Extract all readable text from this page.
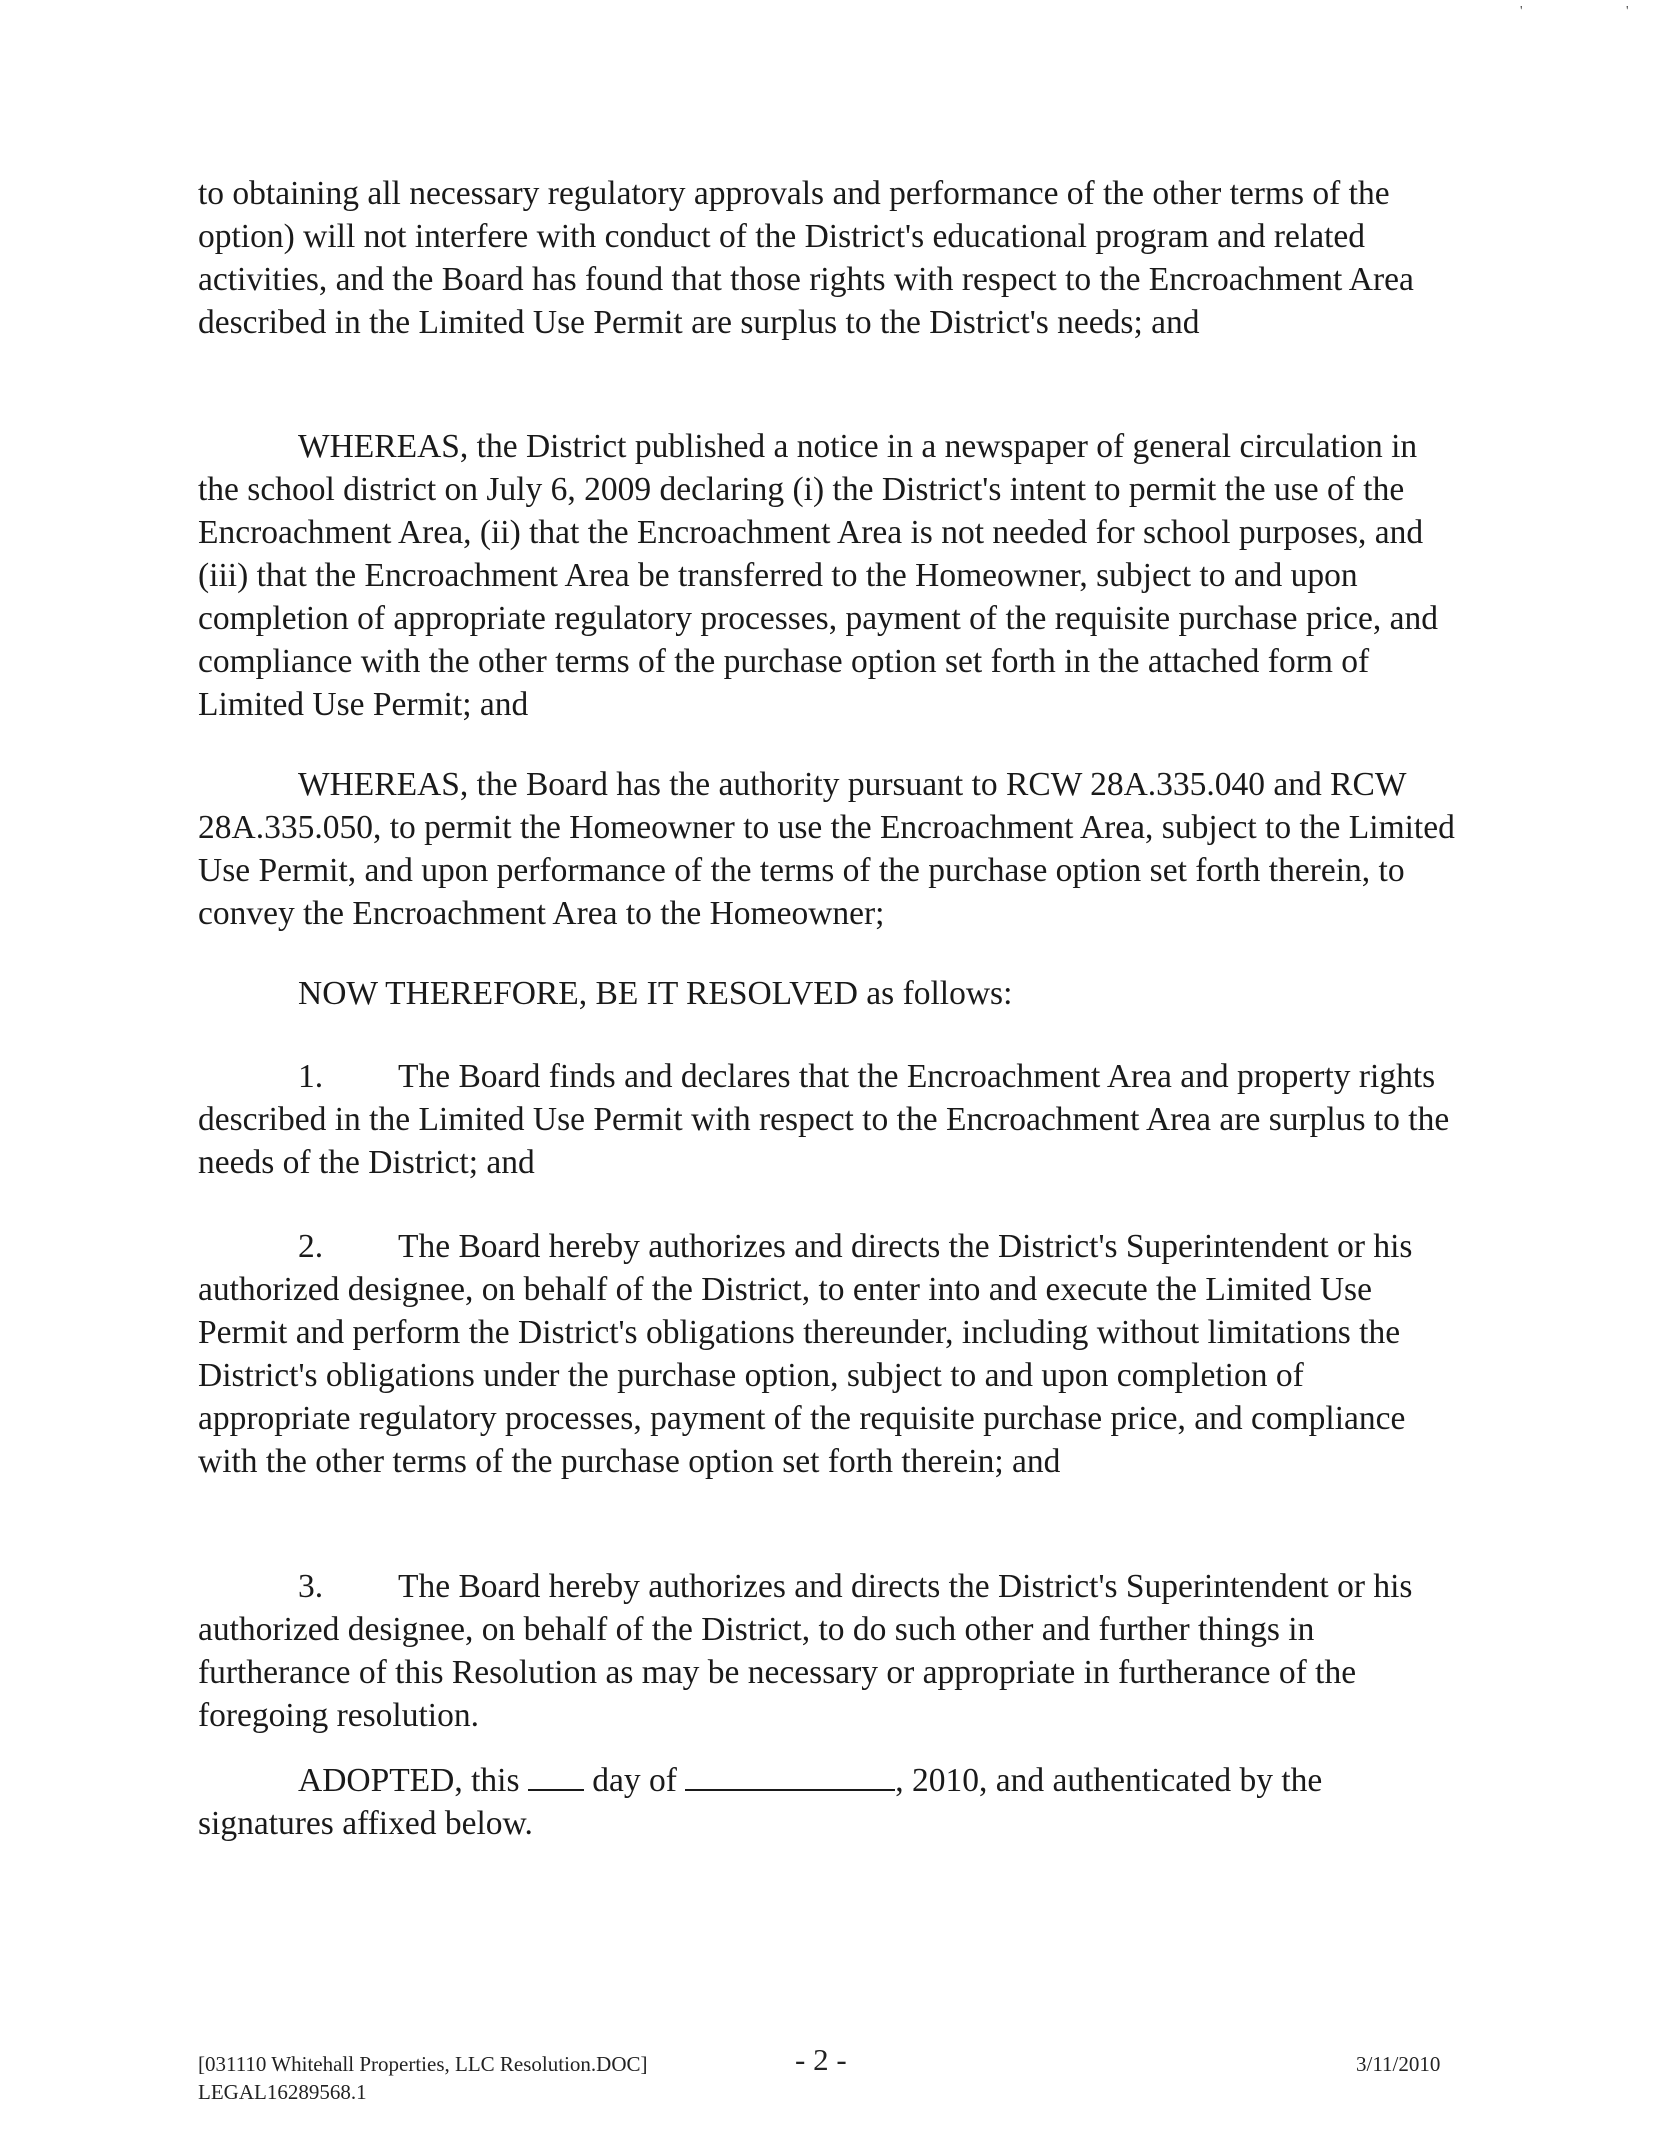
'	'

to obtaining all necessary regulatory approvals and performance of the other terms of the option) will not interfere with conduct of the District's educational program and related activities, and the Board has found that those rights with respect to the Encroachment Area described in the Limited Use Permit are surplus to the District's needs; and

WHEREAS, the District published a notice in a newspaper of general circulation in the school district on July 6, 2009 declaring (i) the District's intent to permit the use of the Encroachment Area, (ii) that the Encroachment Area is not needed for school purposes, and (iii) that the Encroachment Area be transferred to the Homeowner, subject to and upon completion of appropriate regulatory processes, payment of the requisite purchase price, and compliance with the other terms of the purchase option set forth in the attached form of Limited Use Permit; and

WHEREAS, the Board has the authority pursuant to RCW 28A.335.040 and RCW 28A.335.050, to permit the Homeowner to use the Encroachment Area, subject to the Limited Use Permit, and upon performance of the terms of the purchase option set forth therein, to convey the Encroachment Area to the Homeowner;

NOW THEREFORE, BE IT RESOLVED as follows:

1. The Board finds and declares that the Encroachment Area and property rights described in the Limited Use Permit with respect to the Encroachment Area are surplus to the needs of the District; and

2. The Board hereby authorizes and directs the District's Superintendent or his authorized designee, on behalf of the District, to enter into and execute the Limited Use Permit and perform the District's obligations thereunder, including without limitations the District's obligations under the purchase option, subject to and upon completion of appropriate regulatory processes, payment of the requisite purchase price, and compliance with the other terms of the purchase option set forth therein; and

3. The Board hereby authorizes and directs the District's Superintendent or his authorized designee, on behalf of the District, to do such other and further things in furtherance of this Resolution as may be necessary or appropriate in furtherance of the foregoing resolution.

ADOPTED, this day of	, 2010, and authenticated by the signatures affixed below.

[031110 Whitehall Properties, LLC Resolution.DOC]
LEGAL16289568.1
- 2 -	3/11/2010
